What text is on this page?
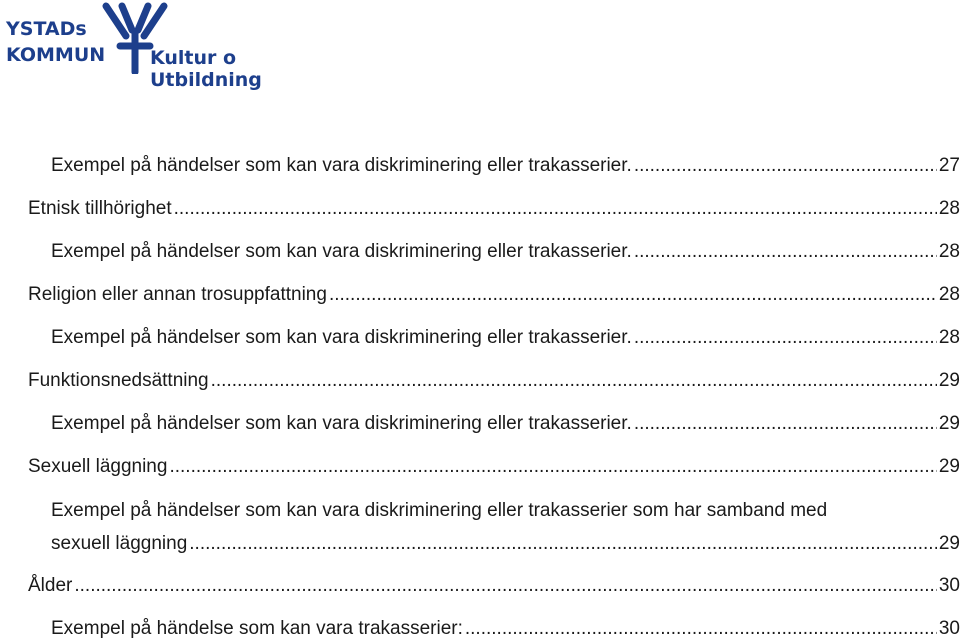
YSTADs
KOMMUN Kultur o Utbildning
Exempel på händelser som kan vara diskriminering eller trakasserier. .....	27
Etnisk tillhörighet .....	28
Exempel på händelser som kan vara diskriminering eller trakasserier. .....	28
Religion eller annan trosuppfattning .....	28
Exempel på händelser som kan vara diskriminering eller trakasserier. .....	28
Funktionsnedsättning .....	29
Exempel på händelser som kan vara diskriminering eller trakasserier. .....	29
Sexuell läggning .....	29
Exempel på händelser som kan vara diskriminering eller trakasserier som har samband med
sexuell läggning .....	29
Ålder .....	30
Exempel på händelse som kan vara trakasserier: .....	30
